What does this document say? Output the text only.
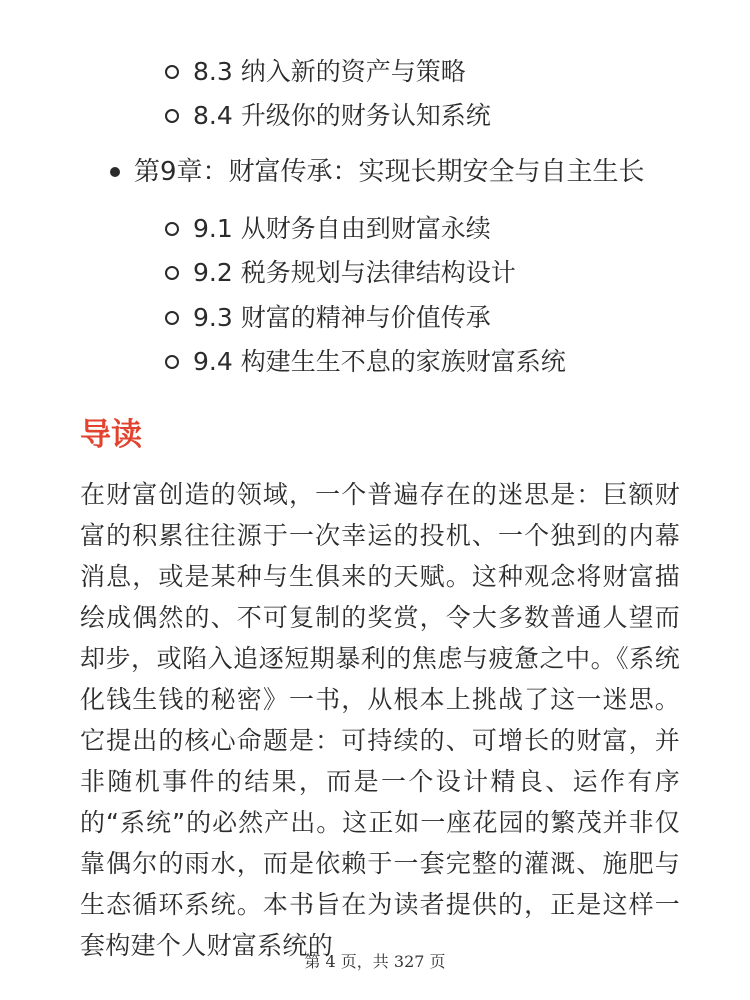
8.3 纳入新的资产与策略
8.4 升级你的财务认知系统
第9章：财富传承：实现长期安全与自主生长
9.1 从财务自由到财富永续
9.2 税务规划与法律结构设计
9.3 财富的精神与价值传承
9.4 构建生生不息的家族财富系统
导读

在财富创造的领域，一个普遍存在的迷思是：巨额财富的积累往往源于一次幸运的投机、一个独到的内幕消息，或是某种与生俱来的天赋。这种观念将财富描绘成偶然的、不可复制的奖赏，令大多数普通人望而却步，或陷入追逐短期暴利的焦虑与疲惫之中。《系统化钱生钱的秘密》一书，从根本上挑战了这一迷思。它提出的核心命题是：可持续的、可增长的财富，并非随机事件的结果，而是一个设计精良、运作有序的“系统”的必然产出。这正如一座花园的繁茂并非仅靠偶尔的雨水，而是依赖于一套完整的灌溉、施肥与生态循环系统。本书旨在为读者提供的，正是这样一套构建个人财富系统的

第 4 页，共 327 页
